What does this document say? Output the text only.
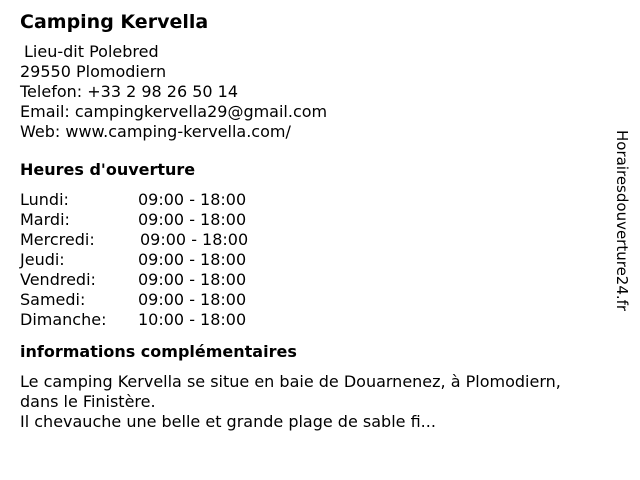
Camping Kervella
Lieu-dit Polebred
29550 Plomodiern
Telefon: +33 2 98 26 50 14
Email: campingkervella29@gmail.com
Web: www.camping-kervella.com/
Heures d'ouverture
Lundi:	09:00 - 18:00
Mardi:	09:00 - 18:00
Mercredi:	09:00 - 18:00
Jeudi:	09:00 - 18:00
Vendredi:	09:00 - 18:00
Samedi:	09:00 - 18:00
Dimanche:	10:00 - 18:00
informations complémentaires
Le camping Kervella se situe en baie de Douarnenez, à Plomodiern,
dans le Finistère.
Il chevauche une belle et grande plage de sable fi...
Horairesdouverture24.fr
